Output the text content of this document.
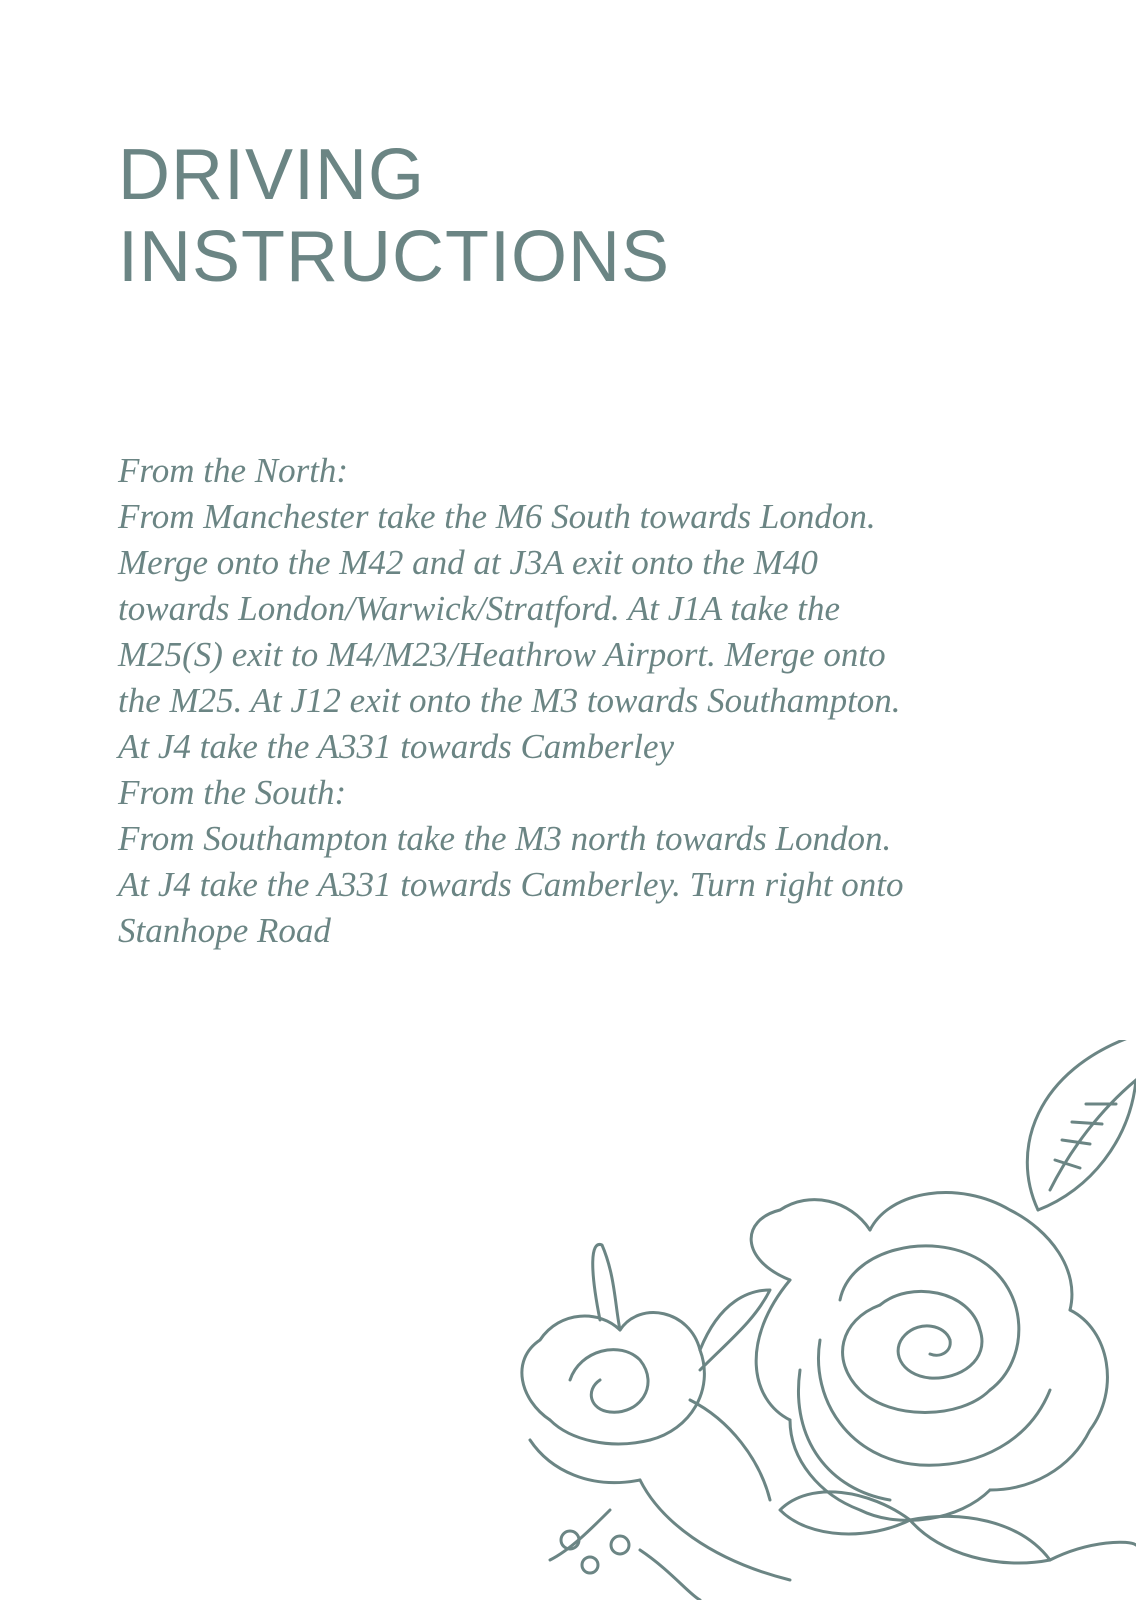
DRIVING
INSTRUCTIONS

From the North:

From Manchester take the M6 South towards London.

Merge onto the M42 and at J3A exit onto the M40

towards London/Warwick/Stratford. At J1A take the

M25(S) exit to M4/M23/Heathrow Airport. Merge onto

the M25. At J12 exit onto the M3 towards Southampton.

At J4 take the A331 towards Camberley

From the South:

From Southampton take the M3 north towards London.

At J4 take the A331 towards Camberley. Turn right onto

Stanhope Road
